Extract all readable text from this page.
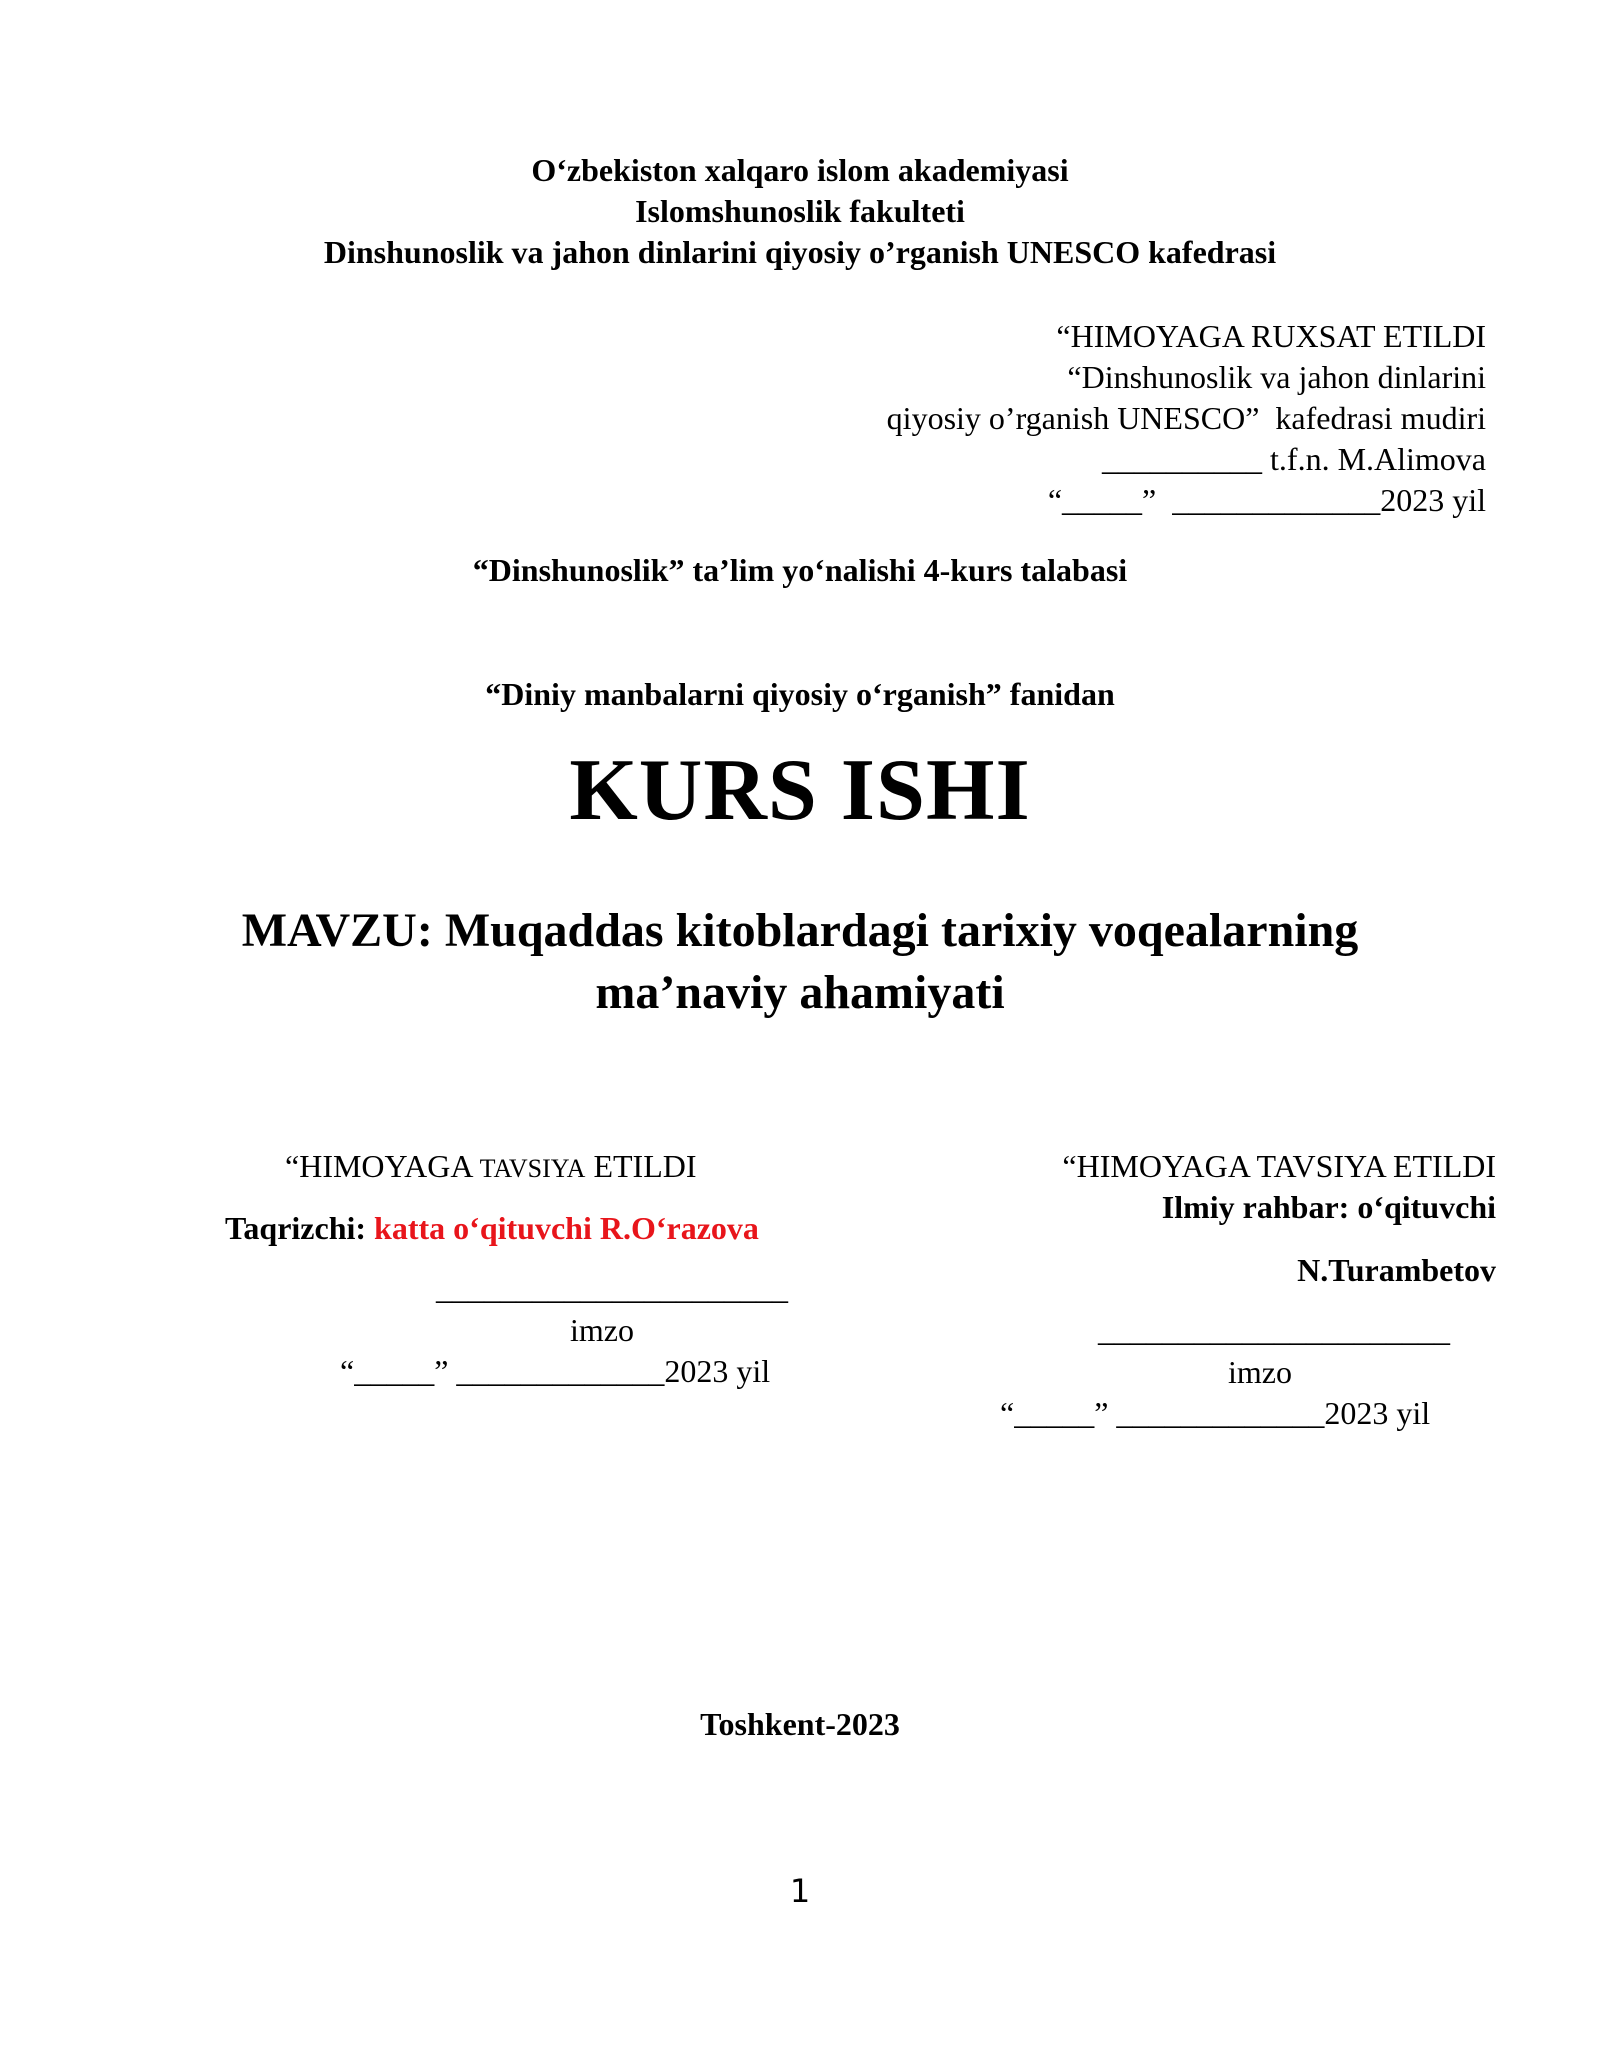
O‘zbekiston xalqaro islom akademiyasi
Islomshunoslik fakulteti
Dinshunoslik va jahon dinlarini qiyosiy o’rganish UNESCO kafedrasi
“HIMOYAGA RUXSAT ETILDI
“Dinshunoslik va jahon dinlarini
qiyosiy o’rganish UNESCO”  kafedrasi mudiri
__________ t.f.n. M.Alimova
“_____”  _____________2023 yil
“Dinshunoslik” ta’lim yo‘nalishi 4-kurs talabasi
“Diniy manbalarni qiyosiy o‘rganish” fanidan
KURS ISHI
MAVZU: Muqaddas kitoblardagi tarixiy voqealarning
ma’naviy ahamiyati
“HIMOYAGA TAVSIYA ETILDI
Taqrizchi: katta o‘qituvchi R.O‘razova
______________________
imzo
“_____” _____________2023 yil
“HIMOYAGA TAVSIYA ETILDI
Ilmiy rahbar: o‘qituvchi
N.Turambetov
______________________
imzo
“_____” _____________2023 yil
Toshkent-2023
1
